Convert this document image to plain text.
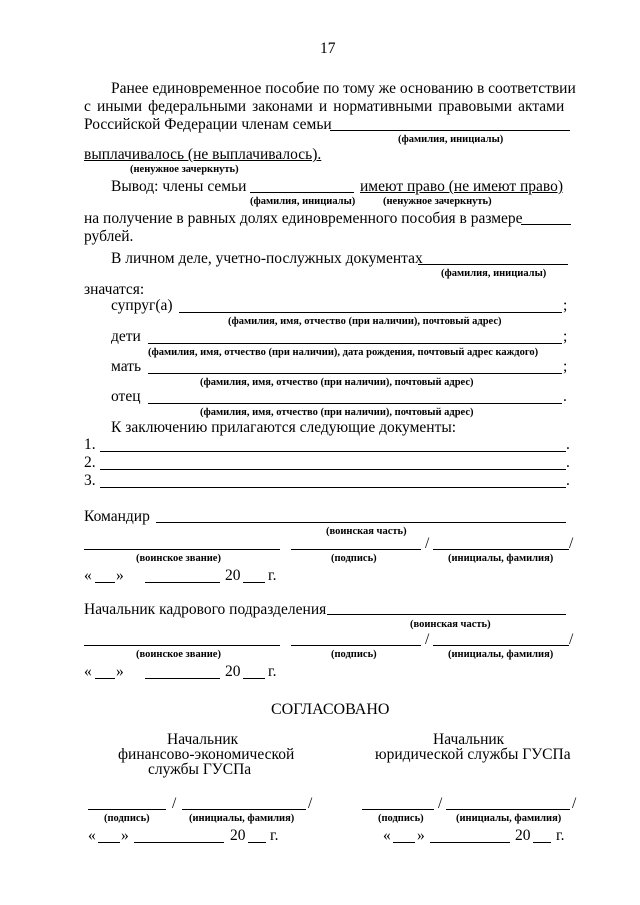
17
Ранее единовременное пособие по тому же основанию в соответствии
с иными федеральными законами и нормативными правовыми актами
Российской Федерации членам семьи
(фамилия, инициалы)
выплачивалось (не выплачивалось).
(ненужное зачеркнуть)
Вывод: члены семьи	имеют право (не имеют право)
(фамилия, инициалы)	(ненужное зачеркнуть)
на получение в равных долях единовременного пособия в размере
рублей.
В личном деле, учетно-послужных документах
(фамилия, инициалы)
значатся:
супруг(а)	;
(фамилия, имя, отчество (при наличии), почтовый адрес)
дети	;
(фамилия, имя, отчество (при наличии), дата рождения, почтовый адрес каждого)
мать	;
(фамилия, имя, отчество (при наличии), почтовый адрес)
отец	.
(фамилия, имя, отчество (при наличии), почтовый адрес)
К заключению прилагаются следующие документы:
1.	.
2.	.
3.	.
Командир
(воинская часть)
/	/
(воинское звание)	(подпись)	(инициалы, фамилия)
« »	20 г.
Начальник кадрового подразделения
(воинская часть)
/	/
(воинское звание)	(подпись)	(инициалы, фамилия)
« »	20 г.
СОГЛАСОВАНО
Начальник
финансово-экономической
службы ГУСПа
Начальник
юридической службы ГУСПа
/	/
(подпись)	(инициалы, фамилия)
/	/
(подпись)	(инициалы, фамилия)
« »	20 г.	« »	20 г.
